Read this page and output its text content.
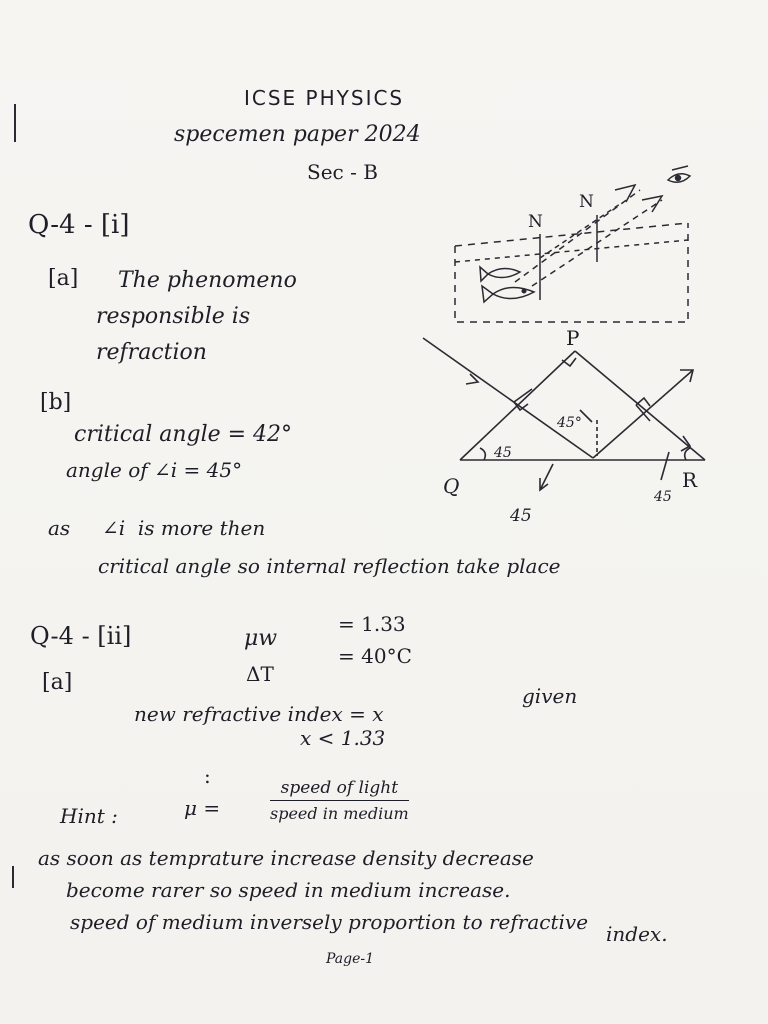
ICSE PHYSICS
specemen paper 2024
Sec - B
Q-4 - [i]
[a] The phenomeno
responsible is
refraction
[b]
critical angle = 42°
angle of ∠i = 45°
as     ∠i  is more then
critical angle so internal reflection take place
N
N
P
Q	R
45
45°
45
45
Q-4 - [ii]	μw
= 1.33
[a]	ΔT
= 40°C
new refractive index = x
given
x < 1.33
:
Hint :	μ =
speed of light
speed in medium
as soon as temprature increase density decrease
become rarer so speed in medium increase.
speed of medium inversely proportion to refractive index.
Page-1
